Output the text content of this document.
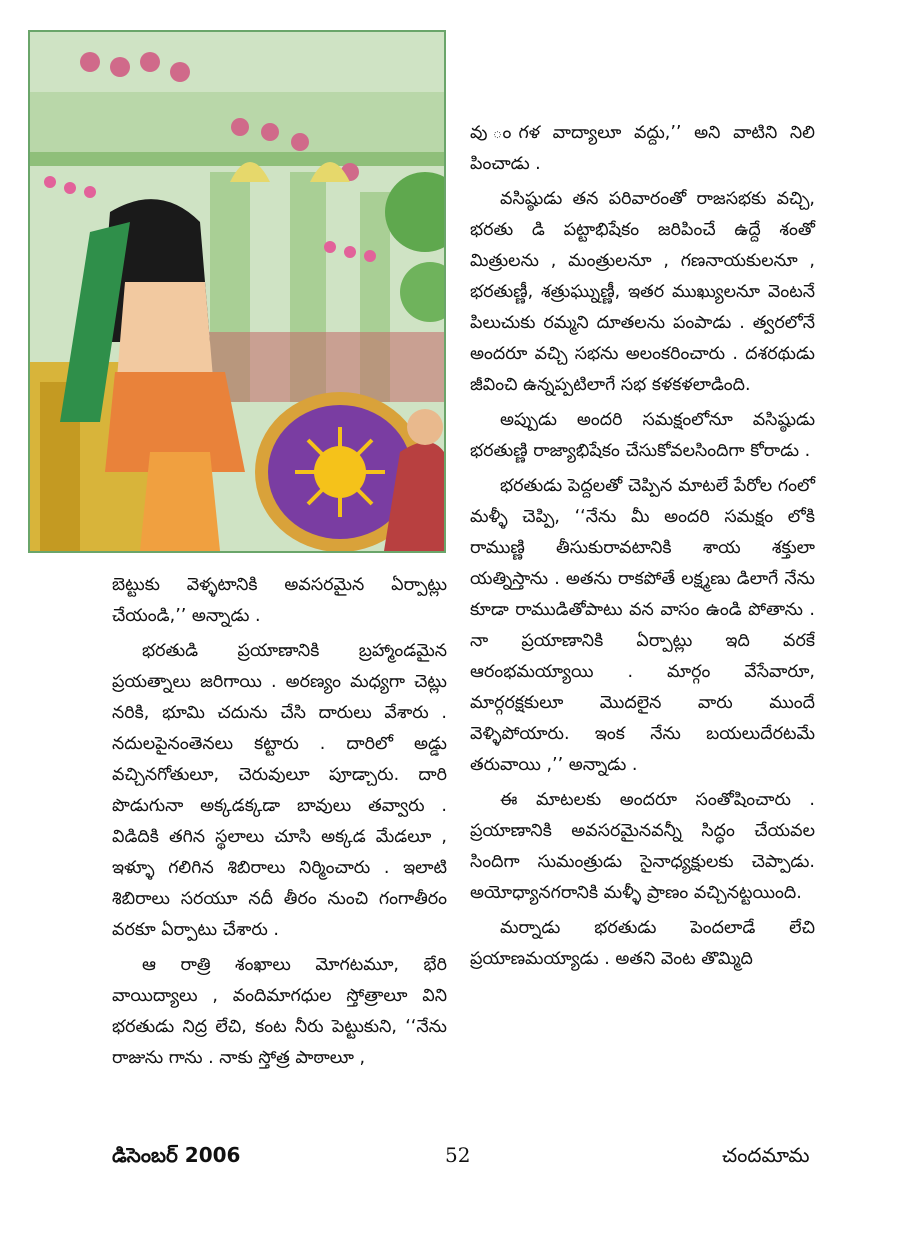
వు ంగళ వాద్యాలూ వద్దు,’’ అని వాటిని నిలి పించాడు .

వసిష్ఠుడు తన పరివారంతో రాజసభకు వచ్చి, భరతు డి పట్టాభిషేకం జరిపించే ఉద్దే శంతో మిత్రులను , మంత్రులనూ , గణనాయకులనూ , భరతుణ్ణీ, శత్రుఘ్నుణ్ణీ, ఇతర ముఖ్యులనూ వెంటనే పిలుచుకు రమ్మని దూతలను పంపాడు . త్వరలోనే అందరూ వచ్చి సభను అలంకరించారు . దశరథుడు జీవించి ఉన్నప్పటిలాగే సభ కళకళలాడింది.

అప్పుడు అందరి సమక్షంలోనూ వసిష్ఠుడు భరతుణ్ణి రాజ్యాభిషేకం చేసుకోవలసిందిగా కోరాడు .

భరతుడు పెద్దలతో చెప్పిన మాటలే పేరోల గంలో మళ్ళీ చెప్పి, ‘‘నేను మీ అందరి సమక్షం లోకి రాముణ్ణి తీసుకురావటానికి శాయ శక్తులా యత్నిస్తాను . అతను రాకపోతే లక్ష్మణు డిలాగే నేను కూడా రాముడితోపాటు వన వాసం ఉండి పోతాను . నా ప్రయాణానికి ఏర్పాట్లు ఇది వరకే ఆరంభమయ్యాయి . మార్గం వేసేవారూ, మార్గరక్షకులూ మొదలైన వారు ముందే వెళ్ళిపోయారు. ఇంక నేను బయలుదేరటమే తరువాయి ,’’ అన్నాడు .

ఈ మాటలకు అందరూ సంతోషించారు . ప్రయాణానికి అవసరమైనవన్నీ సిద్ధం చేయవల సిందిగా సుమంత్రుడు సైనాధ్యక్షులకు చెప్పాడు. అయోధ్యానగరానికి మళ్ళీ ప్రాణం వచ్చినట్టయింది.

మర్నాడు భరతుడు పెందలాడే లేచి ప్రయాణమయ్యాడు . అతని వెంట తొమ్మిది

బెట్టుకు వెళ్ళటానికి అవసరమైన ఏర్పాట్లు చేయండి,’’ అన్నాడు .

భరతుడి ప్రయాణానికి బ్రహ్మాండమైన ప్రయత్నాలు జరిగాయి . అరణ్యం మధ్యగా చెట్లు నరికి, భూమి చదును చేసి దారులు వేశారు . నదులపైనంతెనలు కట్టారు . దారిలో అడ్డు వచ్చినగోతులూ, చెరువులూ పూడ్చారు. దారి పొడుగునా అక్కడక్కడా బావులు తవ్వారు . విడిదికి తగిన స్థలాలు చూసి అక్కడ మేడలూ , ఇళ్ళూ గలిగిన శిబిరాలు నిర్మించారు . ఇలాటి శిబిరాలు సరయూ నదీ తీరం నుంచి గంగాతీరం వరకూ ఏర్పాటు చేశారు .

ఆ రాత్రి శంఖాలు మోగటమూ, భేరి వాయిద్యాలు , వందిమాగధుల స్తోత్రాలూ విని భరతుడు నిద్ర లేచి, కంట నీరు పెట్టుకుని, ‘‘నేను రాజును గాను . నాకు స్తోత్ర పాఠాలూ ,

డిసెంబర్ 2006	52	చందమామ
